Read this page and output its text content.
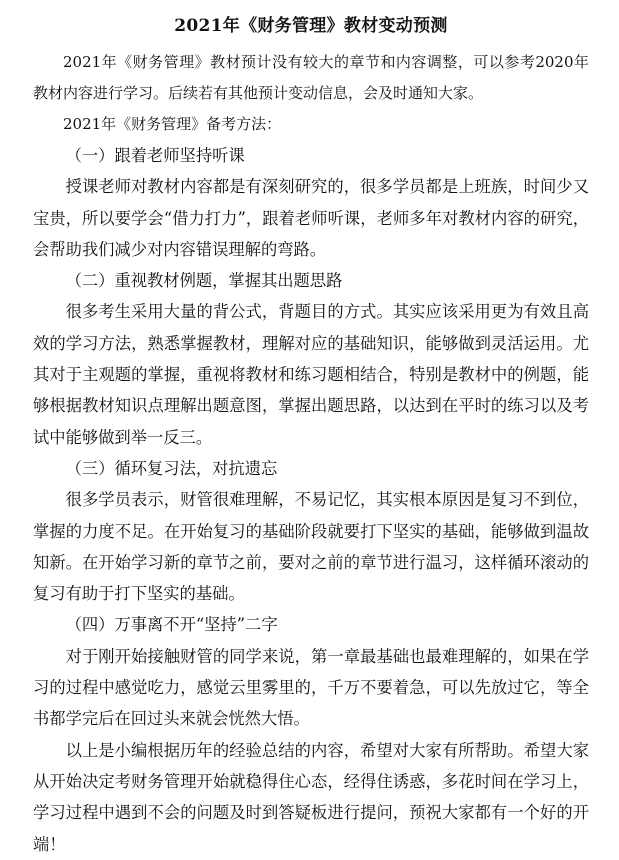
2021年《财务管理》教材变动预测

2021年《财务管理》教材预计没有较大的章节和内容调整，可以参考2020年教材内容进行学习。后续若有其他预计变动信息，会及时通知大家。

2021年《财务管理》备考方法：

（一）跟着老师坚持听课

授课老师对教材内容都是有深刻研究的，很多学员都是上班族，时间少又宝贵，所以要学会“借力打力”，跟着老师听课，老师多年对教材内容的研究，会帮助我们减少对内容错误理解的弯路。

（二）重视教材例题，掌握其出题思路

很多考生采用大量的背公式，背题目的方式。其实应该采用更为有效且高效的学习方法，熟悉掌握教材，理解对应的基础知识，能够做到灵活运用。尤其对于主观题的掌握，重视将教材和练习题相结合，特别是教材中的例题，能够根据教材知识点理解出题意图，掌握出题思路，以达到在平时的练习以及考试中能够做到举一反三。

（三）循环复习法，对抗遗忘

很多学员表示，财管很难理解，不易记忆，其实根本原因是复习不到位，掌握的力度不足。在开始复习的基础阶段就要打下坚实的基础，能够做到温故知新。在开始学习新的章节之前，要对之前的章节进行温习，这样循环滚动的复习有助于打下坚实的基础。

（四）万事离不开“坚持”二字

对于刚开始接触财管的同学来说，第一章最基础也最难理解的，如果在学习的过程中感觉吃力，感觉云里雾里的，千万不要着急，可以先放过它，等全书都学完后在回过头来就会恍然大悟。

以上是小编根据历年的经验总结的内容，希望对大家有所帮助。希望大家从开始决定考财务管理开始就稳得住心态，经得住诱惑，多花时间在学习上，学习过程中遇到不会的问题及时到答疑板进行提问，预祝大家都有一个好的开端！
